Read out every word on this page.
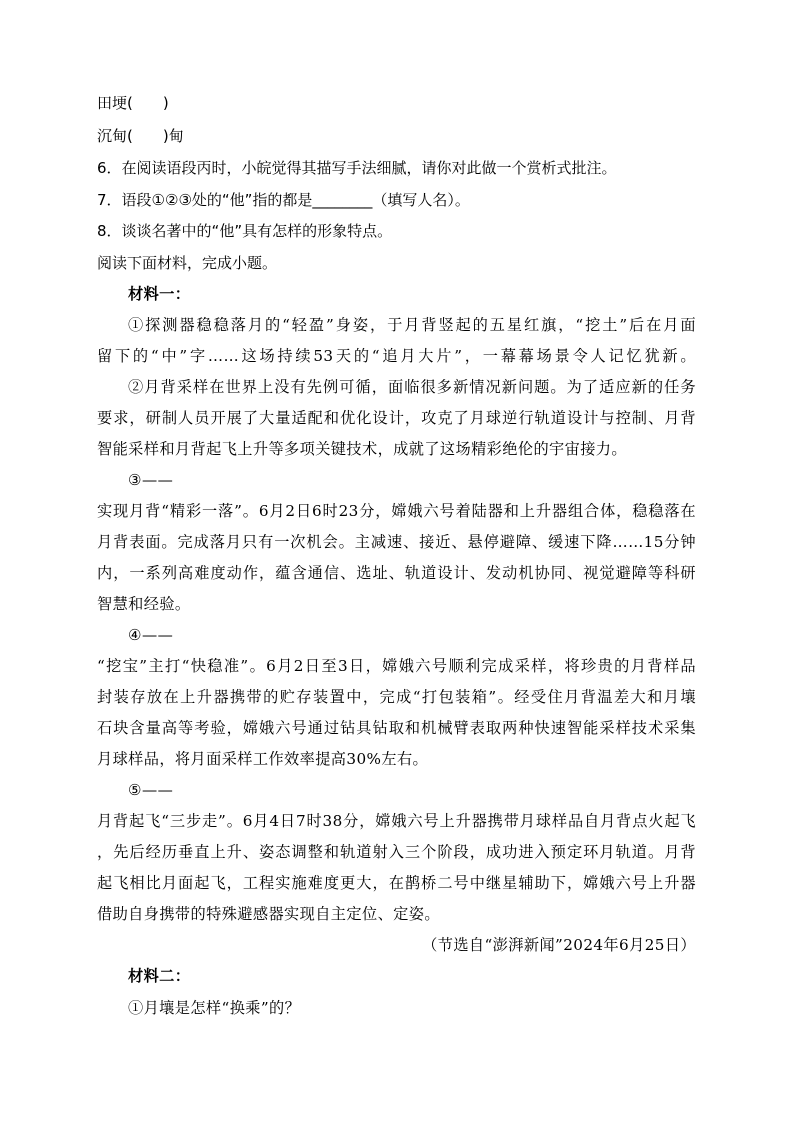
田埂(　　)
沉甸(　　)甸
6．在阅读语段丙时，小皖觉得其描写手法细腻，请你对此做一个赏析式批注。
7．语段①②③处的“他”指的都是________（填写人名）。
8．谈谈名著中的“他”具有怎样的形象特点。
阅读下面材料，完成小题。
材料一：
①探测器稳稳落月的“轻盈”身姿，于月背竖起的五星红旗，“挖土”后在月面
留下的“中”字……这场持续53天的“追月大片”，一幕幕场景令人记忆犹新。
②月背采样在世界上没有先例可循，面临很多新情况新问题。为了适应新的任务
要求，研制人员开展了大量适配和优化设计，攻克了月球逆行轨道设计与控制、月背
智能采样和月背起飞上升等多项关键技术，成就了这场精彩绝伦的宇宙接力。
③——
实现月背“精彩一落”。6月2日6时23分，嫦娥六号着陆器和上升器组合体，稳稳落在
月背表面。完成落月只有一次机会。主减速、接近、悬停避障、缓速下降……15分钟
内，一系列高难度动作，蕴含通信、选址、轨道设计、发动机协同、视觉避障等科研
智慧和经验。
④——
“挖宝”主打“快稳准”。6月2日至3日，嫦娥六号顺利完成采样，将珍贵的月背样品
封装存放在上升器携带的贮存装置中，完成“打包装箱”。经受住月背温差大和月壤
石块含量高等考验，嫦娥六号通过钻具钻取和机械臂表取两种快速智能采样技术采集
月球样品，将月面采样工作效率提高30%左右。
⑤——
月背起飞“三步走”。6月4日7时38分，嫦娥六号上升器携带月球样品自月背点火起飞
，先后经历垂直上升、姿态调整和轨道射入三个阶段，成功进入预定环月轨道。月背
起飞相比月面起飞，工程实施难度更大，在鹊桥二号中继星辅助下，嫦娥六号上升器
借助自身携带的特殊避感器实现自主定位、定姿。
（节选自“澎湃新闻”2024年6月25日）
材料二：
①月壤是怎样“换乘”的？
